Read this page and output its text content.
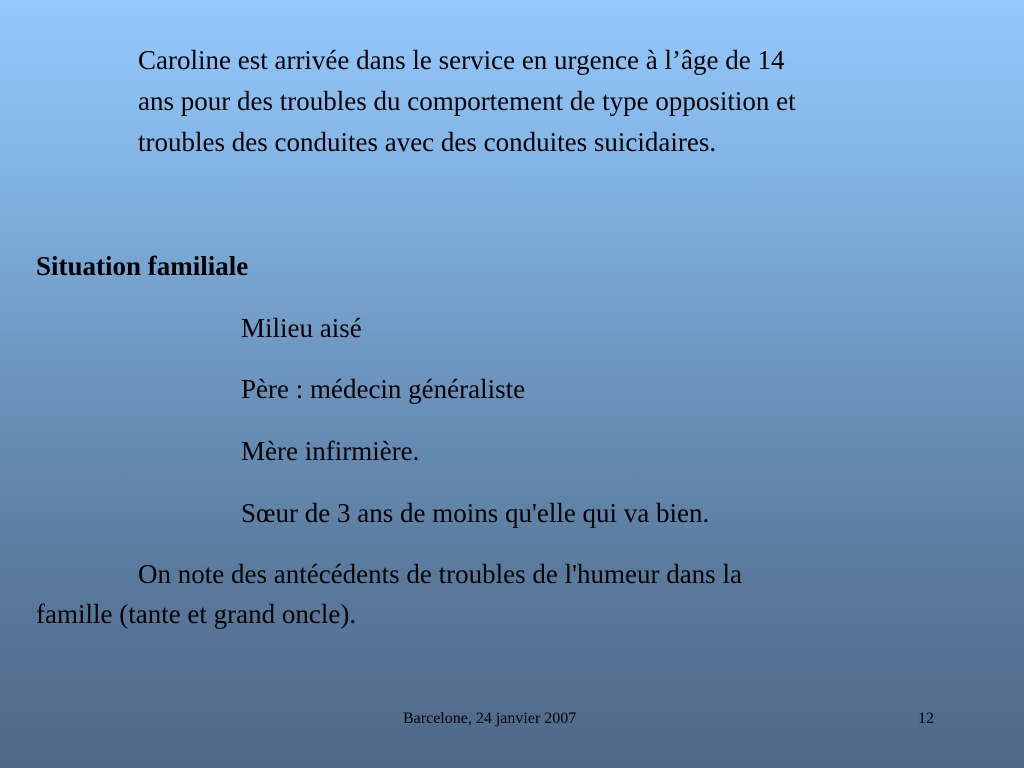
Caroline est arrivée dans le service en urgence à l’âge de 14
ans pour des troubles du comportement de type opposition et
troubles des conduites avec des conduites suicidaires.

Situation familiale

Milieu aisé

Père : médecin généraliste

Mère infirmière.

Sœur de 3 ans de moins qu'elle qui va bien.

On note des antécédents de troubles de l'humeur dans la

famille (tante et grand oncle).

Barcelone, 24 janvier 2007	12
